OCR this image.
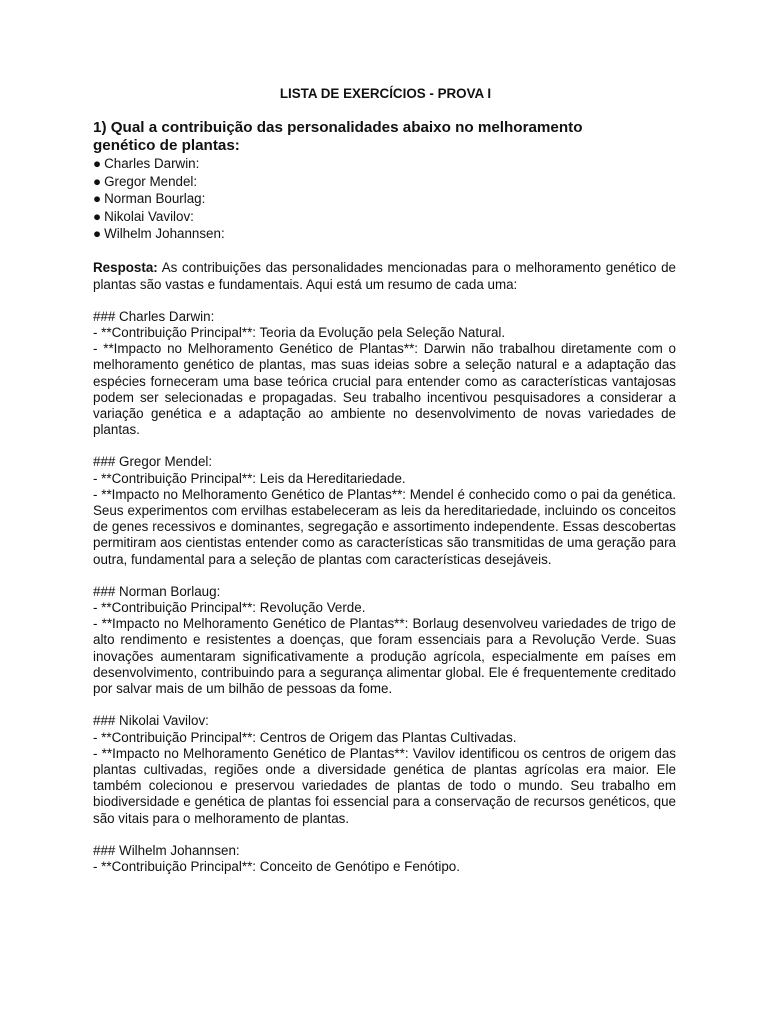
LISTA DE EXERCÍCIOS - PROVA I
1) Qual a contribuição das personalidades abaixo no melhoramento genético de plantas:
● Charles Darwin:
● Gregor Mendel:
● Norman Bourlag:
● Nikolai Vavilov:
● Wilhelm Johannsen:

Resposta: As contribuições das personalidades mencionadas para o melhoramento genético de plantas são vastas e fundamentais. Aqui está um resumo de cada uma:

### Charles Darwin:

- **Contribuição Principal**: Teoria da Evolução pela Seleção Natural.

- **Impacto no Melhoramento Genético de Plantas**: Darwin não trabalhou diretamente com o melhoramento genético de plantas, mas suas ideias sobre a seleção natural e a adaptação das espécies forneceram uma base teórica crucial para entender como as características vantajosas podem ser selecionadas e propagadas. Seu trabalho incentivou pesquisadores a considerar a variação genética e a adaptação ao ambiente no desenvolvimento de novas variedades de plantas.

### Gregor Mendel:

- **Contribuição Principal**: Leis da Hereditariedade.

- **Impacto no Melhoramento Genético de Plantas**: Mendel é conhecido como o pai da genética. Seus experimentos com ervilhas estabeleceram as leis da hereditariedade, incluindo os conceitos de genes recessivos e dominantes, segregação e assortimento independente. Essas descobertas permitiram aos cientistas entender como as características são transmitidas de uma geração para outra, fundamental para a seleção de plantas com características desejáveis.

### Norman Borlaug:

- **Contribuição Principal**: Revolução Verde.

- **Impacto no Melhoramento Genético de Plantas**: Borlaug desenvolveu variedades de trigo de alto rendimento e resistentes a doenças, que foram essenciais para a Revolução Verde. Suas inovações aumentaram significativamente a produção agrícola, especialmente em países em desenvolvimento, contribuindo para a segurança alimentar global. Ele é frequentemente creditado por salvar mais de um bilhão de pessoas da fome.

### Nikolai Vavilov:

- **Contribuição Principal**: Centros de Origem das Plantas Cultivadas.

- **Impacto no Melhoramento Genético de Plantas**: Vavilov identificou os centros de origem das plantas cultivadas, regiões onde a diversidade genética de plantas agrícolas era maior. Ele também colecionou e preservou variedades de plantas de todo o mundo. Seu trabalho em biodiversidade e genética de plantas foi essencial para a conservação de recursos genéticos, que são vitais para o melhoramento de plantas.

### Wilhelm Johannsen:

- **Contribuição Principal**: Conceito de Genótipo e Fenótipo.
